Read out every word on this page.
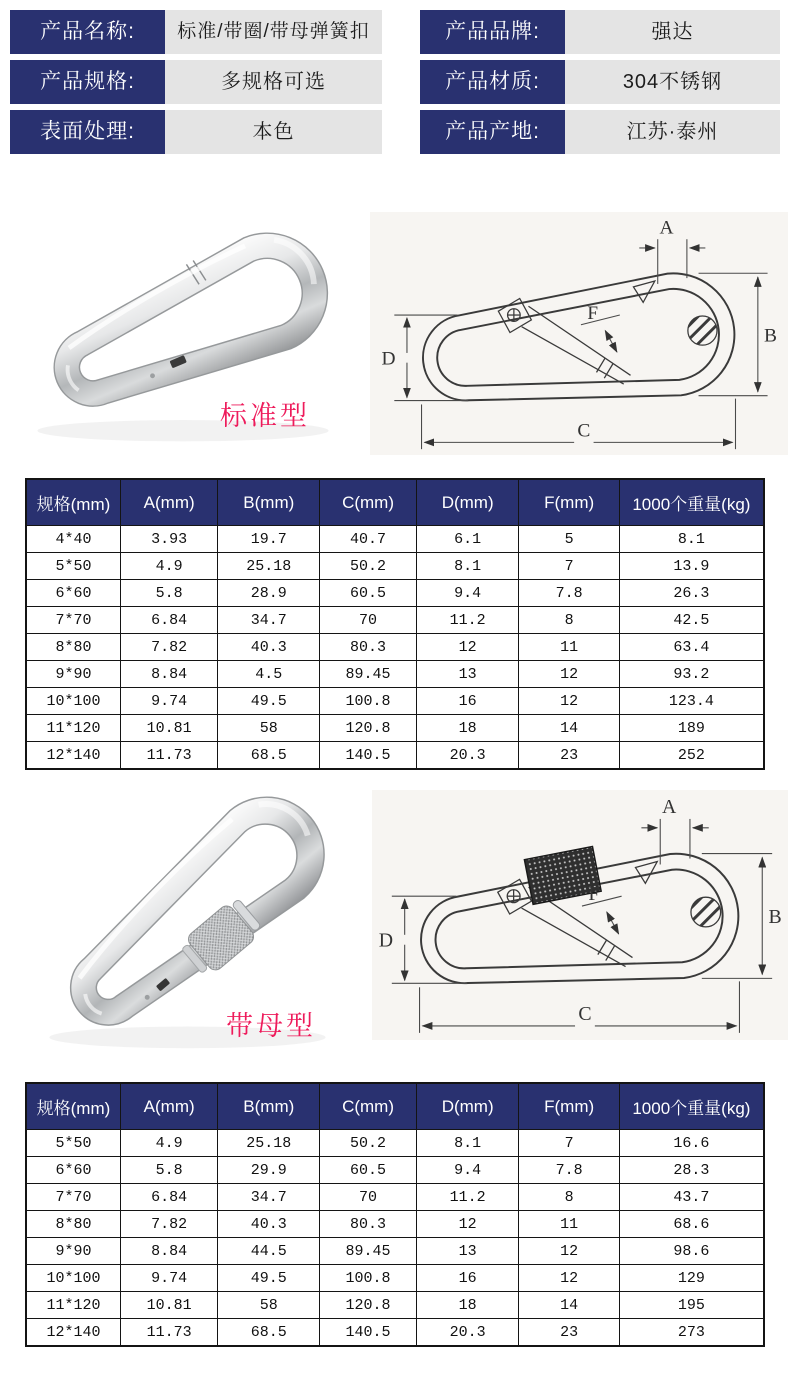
产品名称:	标准/带圈/带母弹簧扣	产品品牌:	强达
产品规格:	多规格可选	产品材质:	304不锈钢
表面处理:	本色	产品产地:	江苏·泰州
A
B
C
D
F
标准型
规格(mm)	A(mm)	B(mm)	C(mm)	D(mm)	F(mm)	1000个重量(kg)
4*40	3.93	19.7	40.7	6.1	5	8.1
5*50	4.9	25.18	50.2	8.1	7	13.9
6*60	5.8	28.9	60.5	9.4	7.8	26.3
7*70	6.84	34.7	70	11.2	8	42.5
8*80	7.82	40.3	80.3	12	11	63.4
9*90	8.84	4.5	89.45	13	12	93.2
10*100	9.74	49.5	100.8	16	12	123.4
11*120	10.81	58	120.8	18	14	189
12*140	11.73	68.5	140.5	20.3	23	252
A
B
C
D
F
带母型
规格(mm)	A(mm)	B(mm)	C(mm)	D(mm)	F(mm)	1000个重量(kg)
5*50	4.9	25.18	50.2	8.1	7	16.6
6*60	5.8	29.9	60.5	9.4	7.8	28.3
7*70	6.84	34.7	70	11.2	8	43.7
8*80	7.82	40.3	80.3	12	11	68.6
9*90	8.84	44.5	89.45	13	12	98.6
10*100	9.74	49.5	100.8	16	12	129
11*120	10.81	58	120.8	18	14	195
12*140	11.73	68.5	140.5	20.3	23	273
